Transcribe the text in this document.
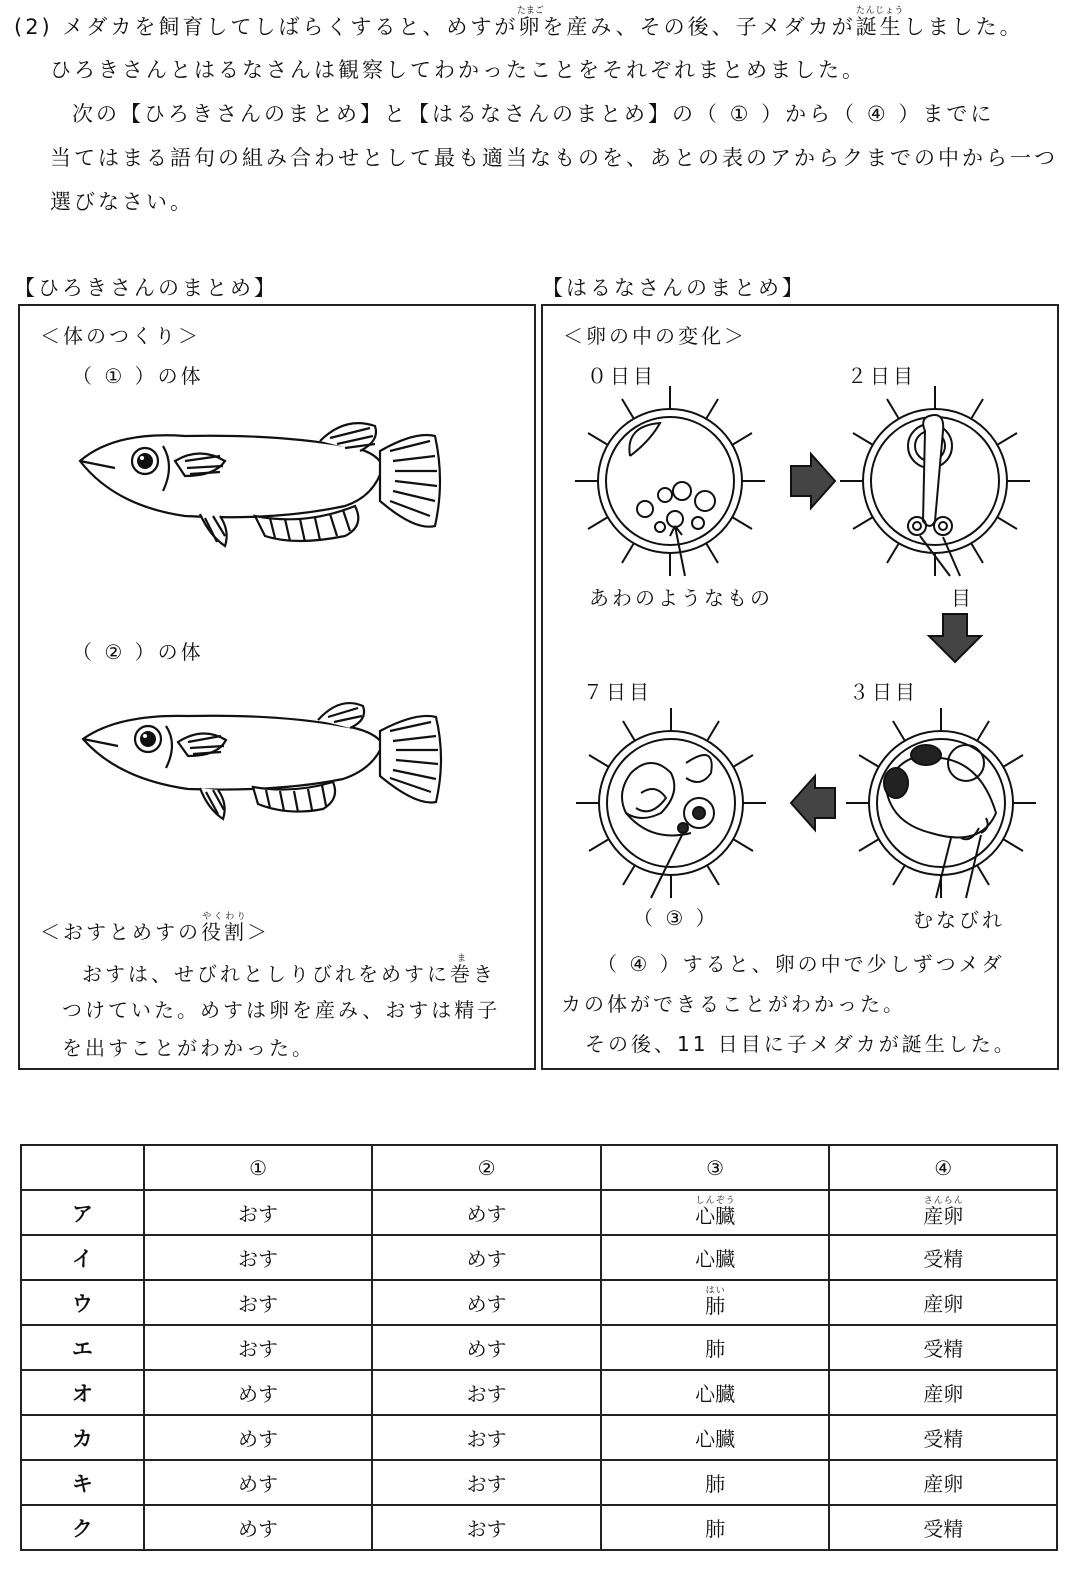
(2) メダカを飼育してしばらくすると、めすが卵たまごを産み、その後、子メダカが誕生たんじょうしました。
ひろきさんとはるなさんは観察してわかったことをそれぞれまとめました。
次の【ひろきさんのまとめ】と【はるなさんのまとめ】の（ ① ）から（ ④ ）までに
当てはまる語句の組み合わせとして最も適当なものを、あとの表のアからクまでの中から一つ
選びなさい。
【ひろきさんのまとめ】
＜体のつくり＞
（ ① ）の体
（ ② ）の体
＜おすとめすの役割やくわり＞
おすは、せびれとしりびれをめすに巻まき
つけていた。めすは卵を産み、おすは精子
を出すことがわかった。
【はるなさんのまとめ】
＜卵の中の変化＞
０日目	２日目
７日目	３日目
あわのようなもの	目
むなびれ
（ ③ ）
（ ④ ）すると、卵の中で少しずつメダ
カの体ができることがわかった。
その後、11 日目に子メダカが誕生した。
	①	②	③	④
ア	おす	めす	心臓しんぞう	産卵さんらん
イ	おす	めす	心臓	受精
ウ	おす	めす	肺はい	産卵
エ	おす	めす	肺	受精
オ	めす	おす	心臓	産卵
カ	めす	おす	心臓	受精
キ	めす	おす	肺	産卵
ク	めす	おす	肺	受精
